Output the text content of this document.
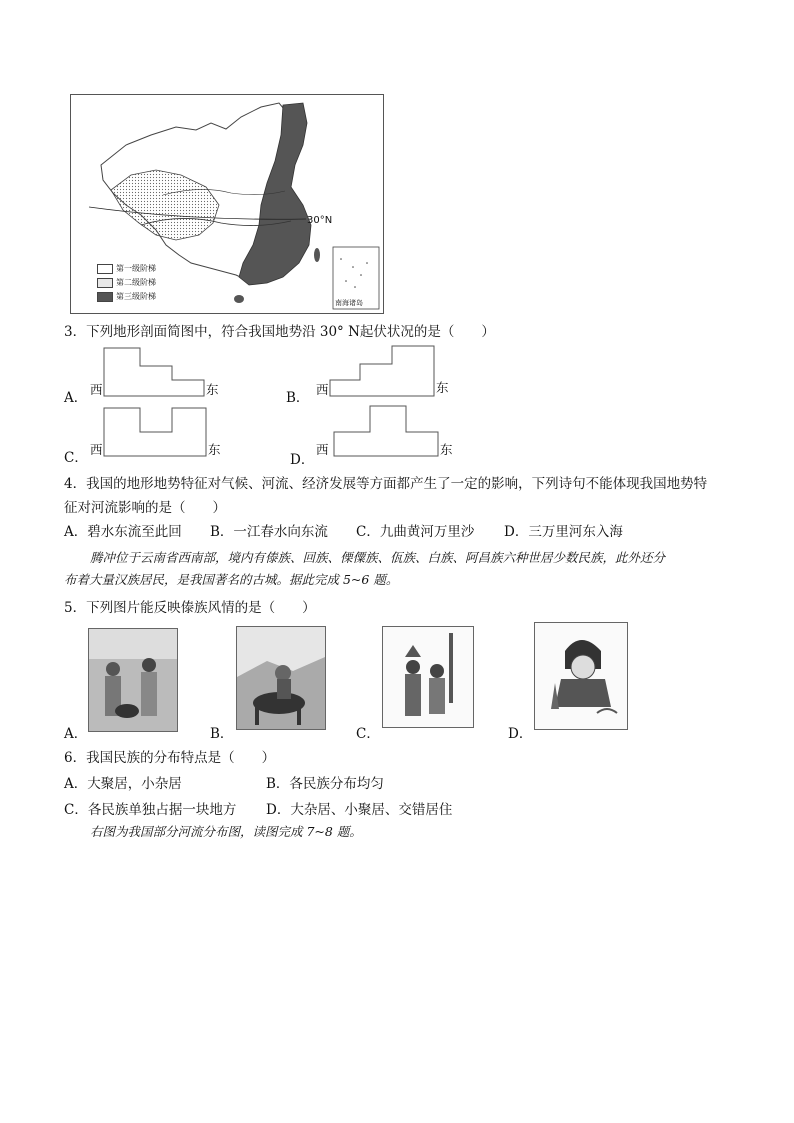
30°N
第一级阶梯
第二级阶梯
第三级阶梯
南海诸岛
3．下列地形剖面简图中，符合我国地势沿 30° N起伏状况的是（　　）
A．
西	东
B．
西	东
C．
西	东
D．
西	东
4．我国的地形地势特征对气候、河流、经济发展等方面都产生了一定的影响，下列诗句不能体现我国地势特
征对河流影响的是（　　）
A．碧水东流至此回 B．一江春水向东流 C．九曲黄河万里沙 D．三万里河东入海
腾冲位于云南省西南部，境内有傣族、回族、傈僳族、佤族、白族、阿昌族六种世居少数民族，此外还分
布着大量汉族居民，是我国著名的古城。据此完成 5~6 题。
5．下列图片能反映傣族风情的是（　　）
A．	B．	C．	D．
6．我国民族的分布特点是（　　）
A．大聚居，小杂居	B．各民族分布均匀
C．各民族单独占据一块地方 D．大杂居、小聚居、交错居住
右图为我国部分河流分布图，读图完成 7~8 题。
